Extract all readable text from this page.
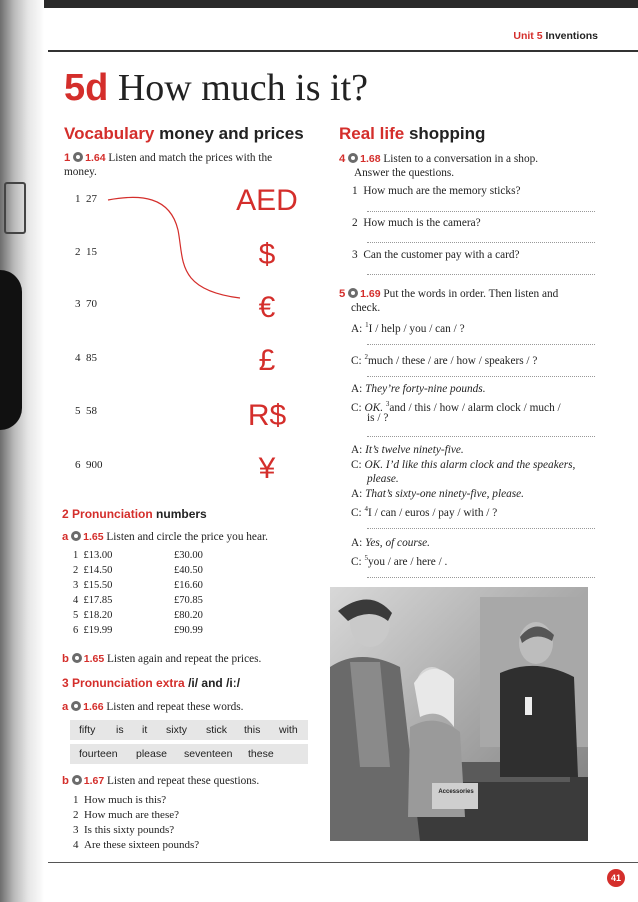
Unit 5 Inventions
5d How much is it?
Vocabulary money and prices
1 1.64 Listen and match the prices with the money.
1 27
2 15
3 70
4 85
5 58
6 900
AED
$
€
£
R$
¥
2 Pronunciation numbers
a 1.65 Listen and circle the price you hear.
1 £13.00
2 £14.50
3 £15.50
4 £17.85
5 £18.20
6 £19.99
£30.00
£40.50
£16.60
£70.85
£80.20
£90.99
b 1.65 Listen again and repeat the prices.
3 Pronunciation extra /i/ and /iː/
a 1.66 Listen and repeat these words.
fifty is it sixty stick this with
fourteen please seventeen these
b 1.67 Listen and repeat these questions.
1 How much is this?
2 How much are these?
3 Is this sixty pounds?
4 Are these sixteen pounds?
Real life shopping
4 1.68 Listen to a conversation in a shop.
Answer the questions.
1 How much are the memory sticks?
2 How much is the camera?
3 Can the customer pay with a card?
5 1.69 Put the words in order. Then listen and
check.
A: $^1$I / help / you / can / ?
C: $^2$much / these / are / how / speakers / ?
A: They’re forty-nine pounds.
C: OK. $^3$and / this / how / alarm clock / much /
is / ?
A: It’s twelve ninety-five.
C: OK. I’d like this alarm clock and the speakers,
please.
A: That’s sixty-one ninety-five, please.
C: $^4$I / can / euros / pay / with / ?
A: Yes, of course.
C: $^5$you / are / here / .
Accessories
41
